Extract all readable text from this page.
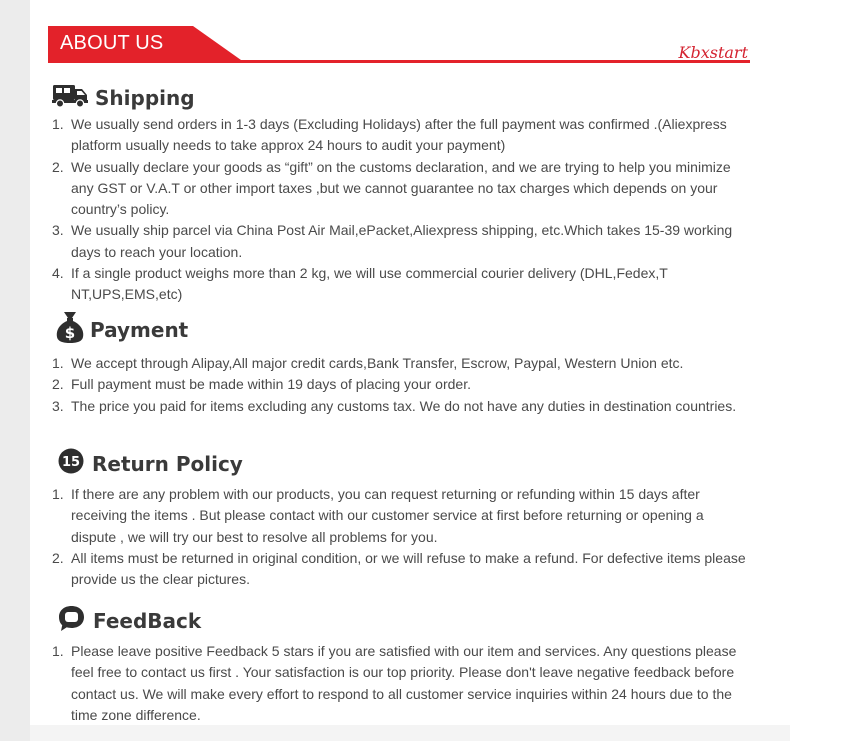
ABOUT US	Kbxstart
Shipping
1. We usually send orders in 1-3 days (Excluding Holidays) after the full payment was confirmed .(Aliexpress platform usually needs to take approx 24 hours to audit your payment)
2. We usually declare your goods as “gift” on the customs declaration, and we are trying to help you minimize any GST or V.A.T or other import taxes ,but we cannot guarantee no tax charges which depends on your country’s policy.
3. We usually ship parcel via China Post Air Mail,ePacket,Aliexpress shipping, etc.Which takes 15-39 working days to reach your location.
4. If a single product weighs more than 2 kg, we will use commercial courier delivery (DHL,Fedex,T NT,UPS,EMS,etc)
$ Payment
1. We accept through Alipay,All major credit cards,Bank Transfer, Escrow, Paypal, Western Union etc.
2. Full payment must be made within 19 days of placing your order.
3. The price you paid for items excluding any customs tax. We do not have any duties in destination countries.
15 Return Policy
1. If there are any problem with our products, you can request returning or refunding within 15 days after receiving the items . But please contact with our customer service at first before returning or opening a dispute , we will try our best to resolve all problems for you.
2. All items must be returned in original condition, or we will refuse to make a refund. For defective items please provide us the clear pictures.
FeedBack
1. Please leave positive Feedback 5 stars if you are satisfied with our item and services. Any questions please feel free to contact us first . Your satisfaction is our top priority. Please don't leave negative feedback before contact us. We will make every effort to respond to all customer service inquiries within 24 hours due to the time zone difference.
